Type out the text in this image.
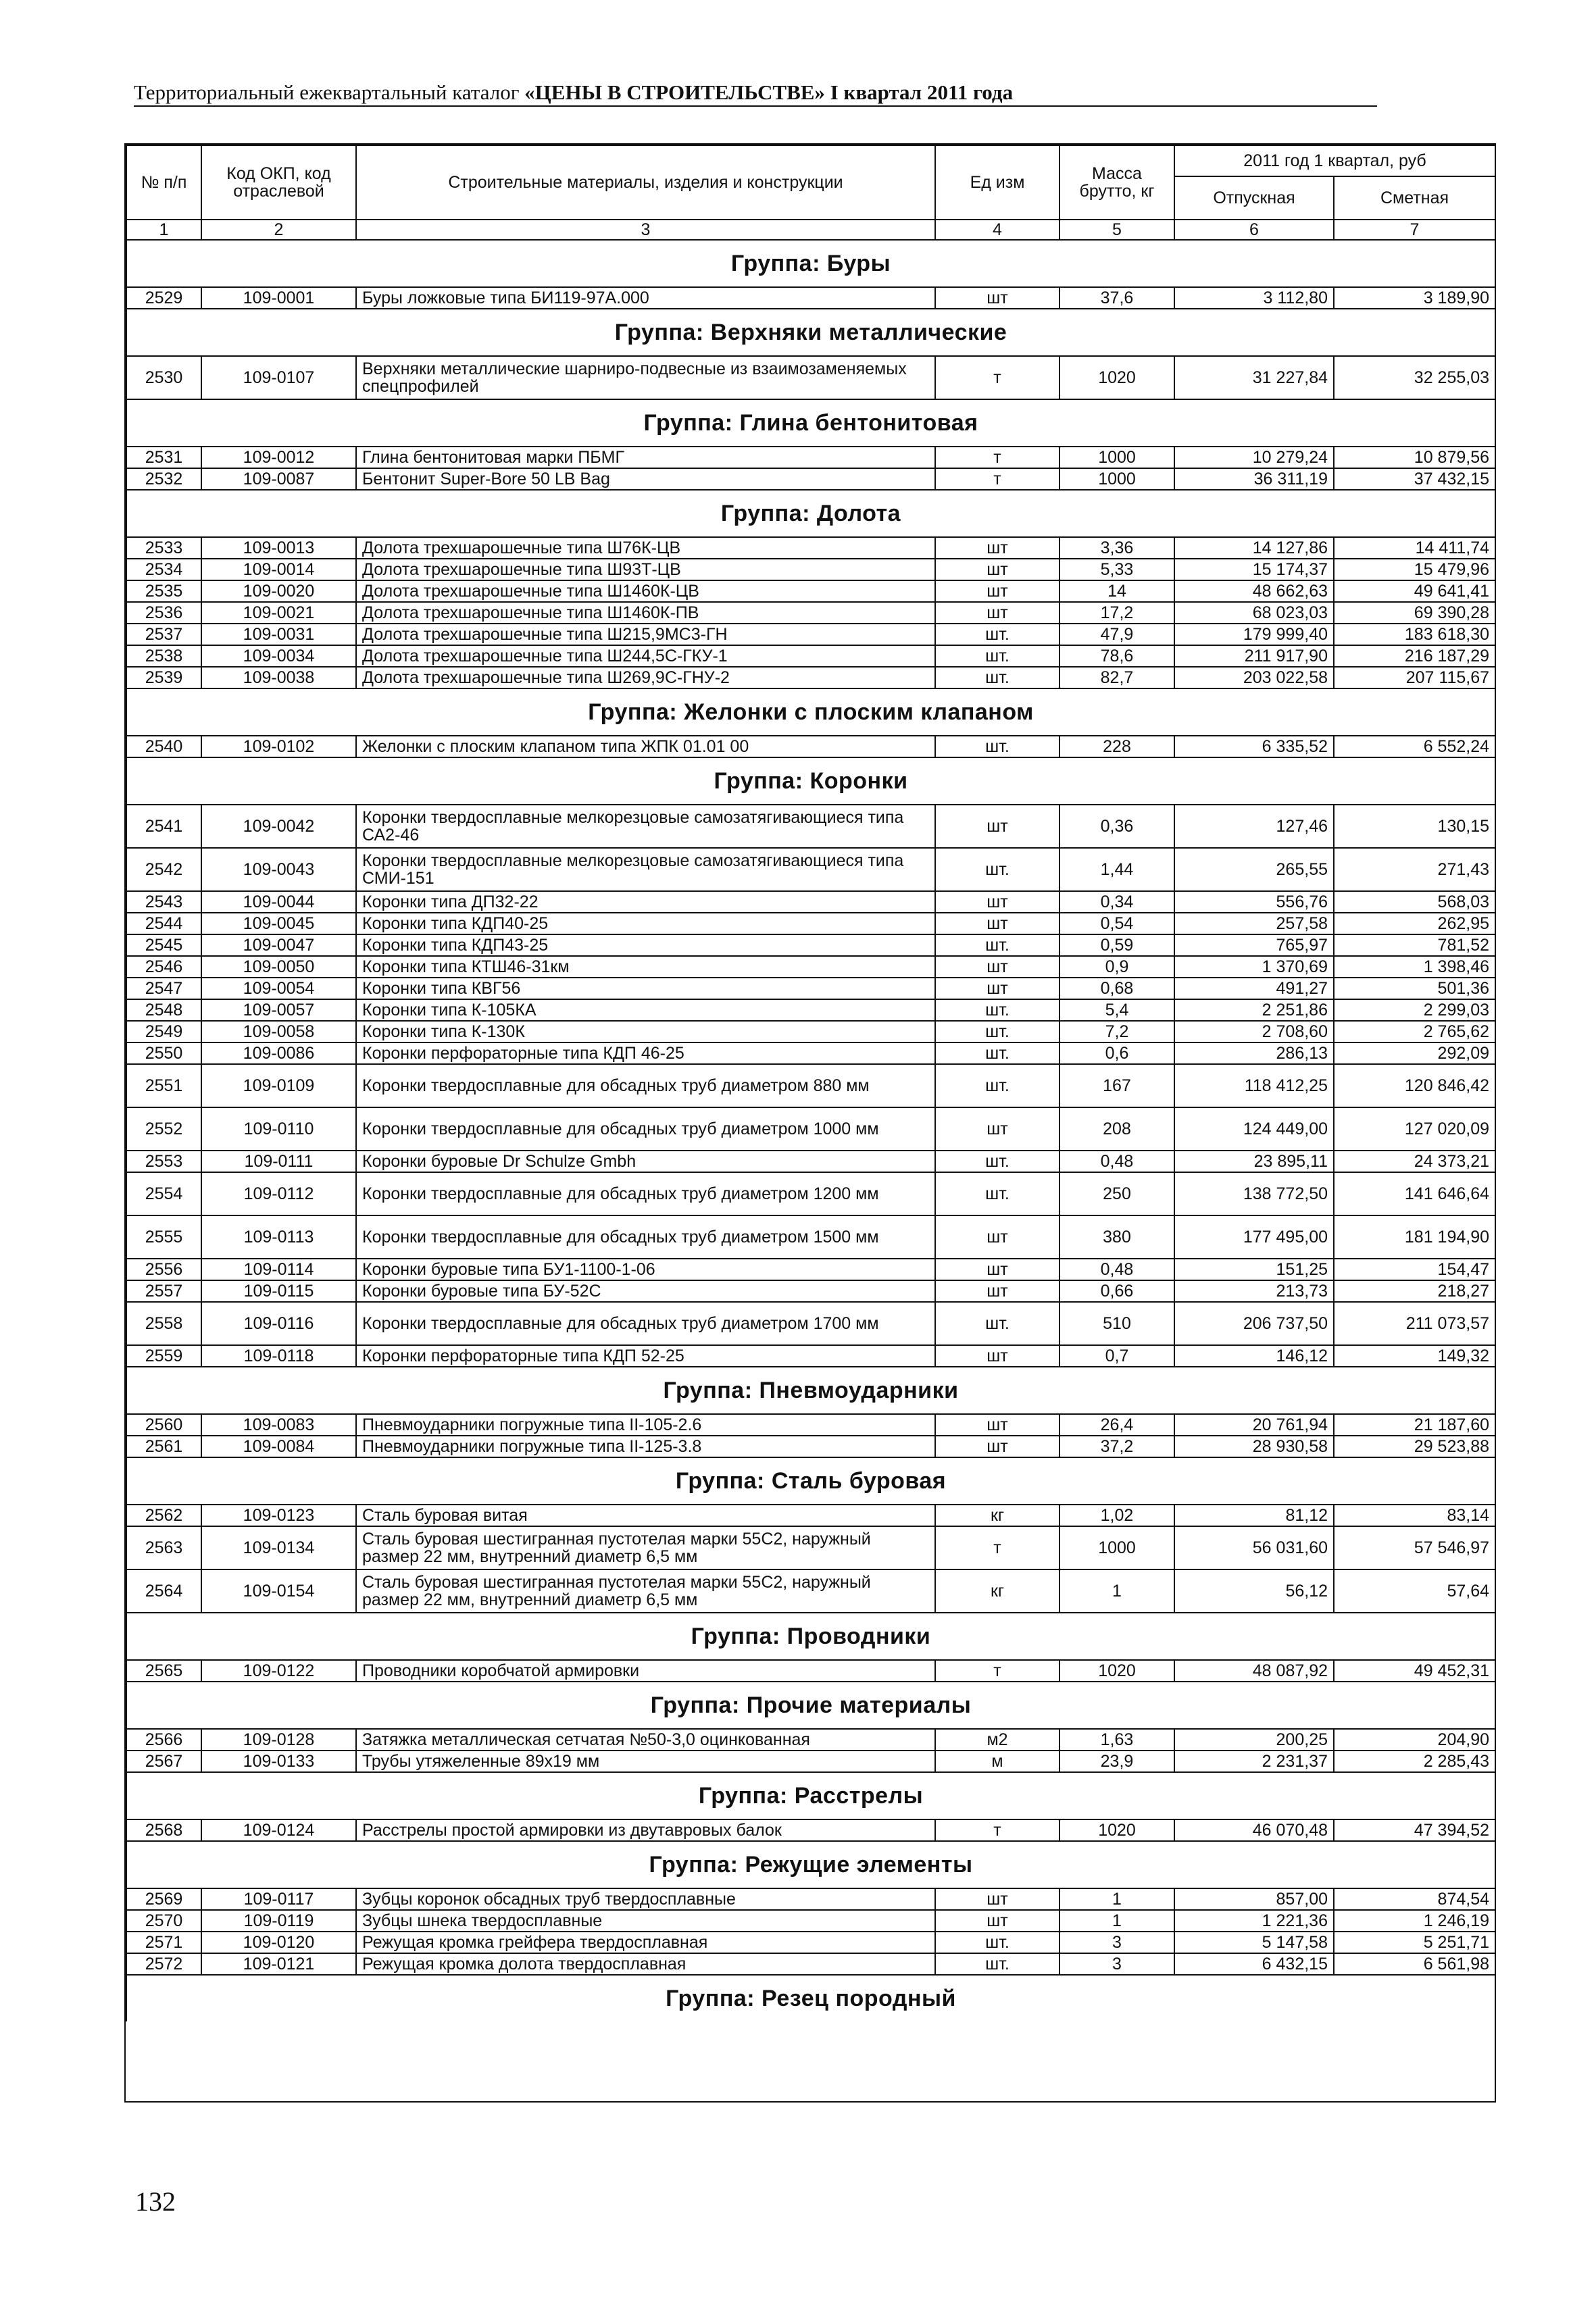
Территориальный ежеквартальный каталог «ЦЕНЫ В СТРОИТЕЛЬСТВЕ» I квартал 2011 года
№ п/п	Код ОКП, код отраслевой	Строительные материалы, изделия и конструкции	Ед изм	Масса брутто, кг	2011 год 1 квартал, руб	
					Отпускная	Сметная
1	2	3	4	5	6	7
Группа: Буры						
2529	109-0001	Буры ложковые типа БИ119-97А.000	шт	37,6	3 112,80	3 189,90
Группа: Верхняки металлические						
2530	109-0107	Верхняки металлические шарниро-подвесные из взаимозаменяемых спецпрофилей	т	1020	31 227,84	32 255,03
Группа: Глина бентонитовая						
2531	109-0012	Глина бентонитовая марки ПБМГ	т	1000	10 279,24	10 879,56
2532	109-0087	Бентонит Super-Bore 50 LB Bag	т	1000	36 311,19	37 432,15
Группа: Долота						
2533	109-0013	Долота трехшарошечные типа Ш76К-ЦВ	шт	3,36	14 127,86	14 411,74
2534	109-0014	Долота трехшарошечные типа Ш93Т-ЦВ	шт	5,33	15 174,37	15 479,96
2535	109-0020	Долота трехшарошечные типа Ш1460К-ЦВ	шт	14	48 662,63	49 641,41
2536	109-0021	Долота трехшарошечные типа Ш1460К-ПВ	шт	17,2	68 023,03	69 390,28
2537	109-0031	Долота трехшарошечные типа Ш215,9МС3-ГН	шт.	47,9	179 999,40	183 618,30
2538	109-0034	Долота трехшарошечные типа Ш244,5С-ГКУ-1	шт.	78,6	211 917,90	216 187,29
2539	109-0038	Долота трехшарошечные типа Ш269,9С-ГНУ-2	шт.	82,7	203 022,58	207 115,67
Группа: Желонки с плоским клапаном						
2540	109-0102	Желонки с плоским клапаном типа ЖПК 01.01 00	шт.	228	6 335,52	6 552,24
Группа: Коронки						
2541	109-0042	Коронки твердосплавные мелкорезцовые самозатягивающиеся типа СА2-46	шт	0,36	127,46	130,15
2542	109-0043	Коронки твердосплавные мелкорезцовые самозатягивающиеся типа СМИ-151	шт.	1,44	265,55	271,43
2543	109-0044	Коронки типа ДП32-22	шт	0,34	556,76	568,03
2544	109-0045	Коронки типа КДП40-25	шт	0,54	257,58	262,95
2545	109-0047	Коронки типа КДП43-25	шт.	0,59	765,97	781,52
2546	109-0050	Коронки типа КТШ46-31км	шт	0,9	1 370,69	1 398,46
2547	109-0054	Коронки типа КВГ56	шт	0,68	491,27	501,36
2548	109-0057	Коронки типа К-105КА	шт.	5,4	2 251,86	2 299,03
2549	109-0058	Коронки типа К-130К	шт.	7,2	2 708,60	2 765,62
2550	109-0086	Коронки перфораторные типа КДП 46-25	шт.	0,6	286,13	292,09
2551	109-0109	Коронки твердосплавные для обсадных труб диаметром 880 мм	шт.	167	118 412,25	120 846,42
2552	109-0110	Коронки твердосплавные для обсадных труб диаметром 1000 мм	шт	208	124 449,00	127 020,09
2553	109-0111	Коронки буровые Dr Schulze Gmbh	шт.	0,48	23 895,11	24 373,21
2554	109-0112	Коронки твердосплавные для обсадных труб диаметром 1200 мм	шт.	250	138 772,50	141 646,64
2555	109-0113	Коронки твердосплавные для обсадных труб диаметром 1500 мм	шт	380	177 495,00	181 194,90
2556	109-0114	Коронки буровые типа БУ1-1100-1-06	шт	0,48	151,25	154,47
2557	109-0115	Коронки буровые типа БУ-52С	шт	0,66	213,73	218,27
2558	109-0116	Коронки твердосплавные для обсадных труб диаметром 1700 мм	шт.	510	206 737,50	211 073,57
2559	109-0118	Коронки перфораторные типа КДП 52-25	шт	0,7	146,12	149,32
Группа: Пневмоударники						
2560	109-0083	Пневмоударники погружные типа II-105-2.6	шт	26,4	20 761,94	21 187,60
2561	109-0084	Пневмоударники погружные типа II-125-3.8	шт	37,2	28 930,58	29 523,88
Группа: Сталь буровая						
2562	109-0123	Сталь буровая витая	кг	1,02	81,12	83,14
2563	109-0134	Сталь буровая шестигранная пустотелая марки 55С2, наружный размер 22 мм, внутренний диаметр 6,5 мм	т	1000	56 031,60	57 546,97
2564	109-0154	Сталь буровая шестигранная пустотелая марки 55С2, наружный размер 22 мм, внутренний диаметр 6,5 мм	кг	1	56,12	57,64
Группа: Проводники						
2565	109-0122	Проводники коробчатой армировки	т	1020	48 087,92	49 452,31
Группа: Прочие материалы						
2566	109-0128	Затяжка металлическая сетчатая №50-3,0 оцинкованная	м2	1,63	200,25	204,90
2567	109-0133	Трубы утяжеленные 89х19 мм	м	23,9	2 231,37	2 285,43
Группа: Расстрелы						
2568	109-0124	Расстрелы простой армировки из двутавровых балок	т	1020	46 070,48	47 394,52
Группа: Режущие элементы						
2569	109-0117	Зубцы коронок обсадных труб твердосплавные	шт	1	857,00	874,54
2570	109-0119	Зубцы шнека твердосплавные	шт	1	1 221,36	1 246,19
2571	109-0120	Режущая кромка грейфера твердосплавная	шт.	3	5 147,58	5 251,71
2572	109-0121	Режущая кромка долота твердосплавная	шт.	3	6 432,15	6 561,98
Группа: Резец породный						
132
